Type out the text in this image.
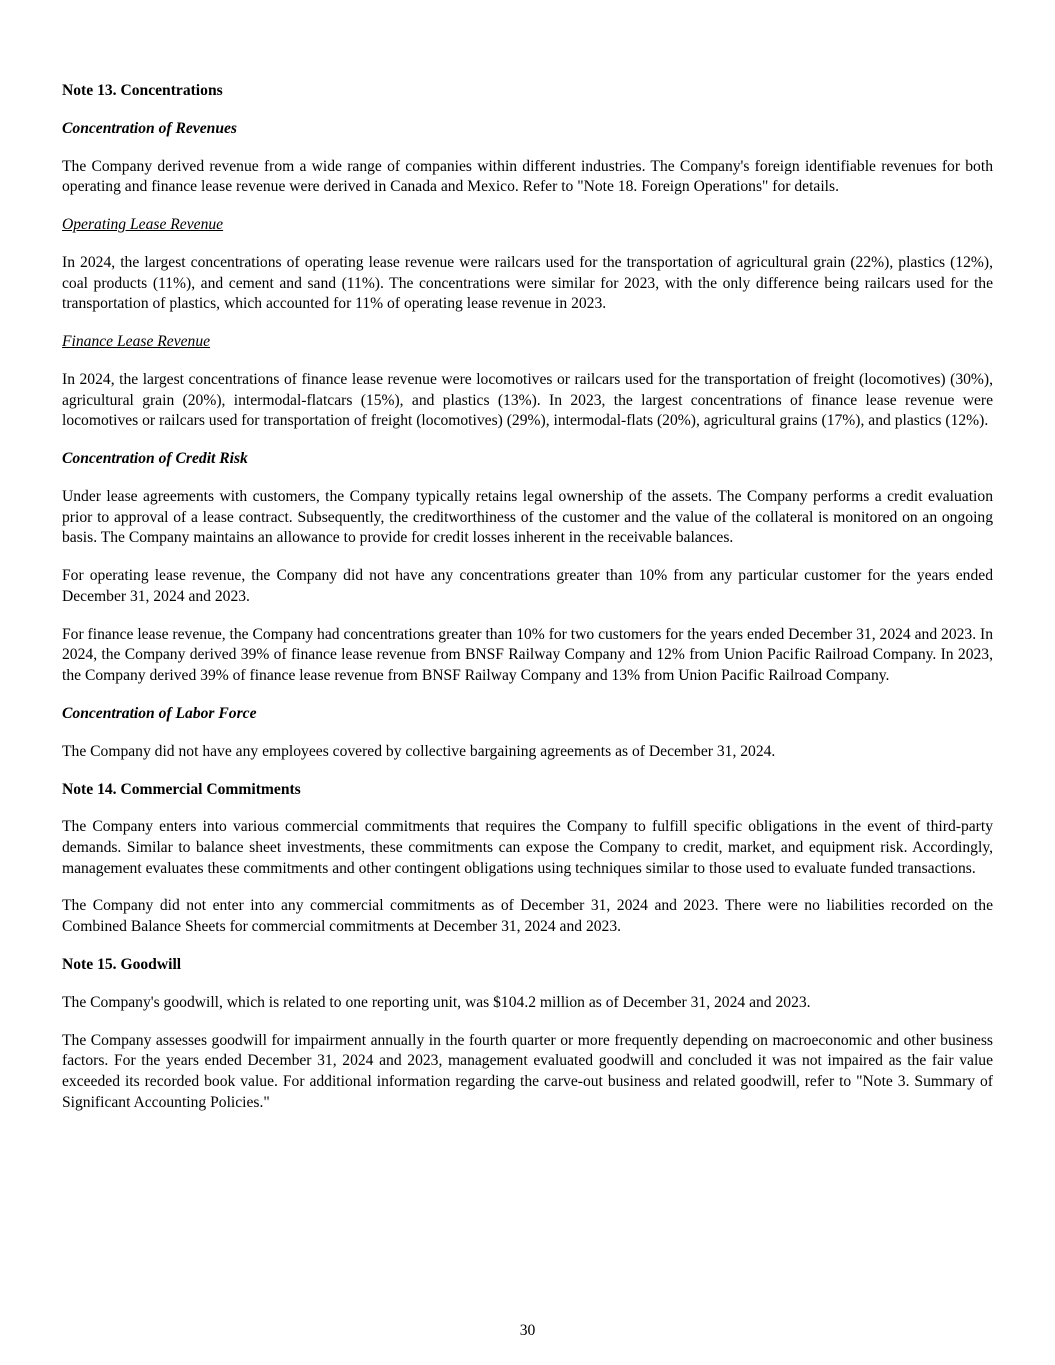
Note 13. Concentrations
Concentration of Revenues

The Company derived revenue from a wide range of companies within different industries. The Company's foreign identifiable revenues for both operating and finance lease revenue were derived in Canada and Mexico. Refer to "Note 18. Foreign Operations" for details.

Operating Lease Revenue

In 2024, the largest concentrations of operating lease revenue were railcars used for the transportation of agricultural grain (22%), plastics (12%), coal products (11%), and cement and sand (11%). The concentrations were similar for 2023, with the only difference being railcars used for the transportation of plastics, which accounted for 11% of operating lease revenue in 2023.

Finance Lease Revenue

In 2024, the largest concentrations of finance lease revenue were locomotives or railcars used for the transportation of freight (locomotives) (30%), agricultural grain (20%), intermodal-flatcars (15%), and plastics (13%). In 2023, the largest concentrations of finance lease revenue were locomotives or railcars used for transportation of freight (locomotives) (29%), intermodal-flats (20%), agricultural grains (17%), and plastics (12%).

Concentration of Credit Risk

Under lease agreements with customers, the Company typically retains legal ownership of the assets. The Company performs a credit evaluation prior to approval of a lease contract. Subsequently, the creditworthiness of the customer and the value of the collateral is monitored on an ongoing basis. The Company maintains an allowance to provide for credit losses inherent in the receivable balances.

For operating lease revenue, the Company did not have any concentrations greater than 10% from any particular customer for the years ended December 31, 2024 and 2023.

For finance lease revenue, the Company had concentrations greater than 10% for two customers for the years ended December 31, 2024 and 2023. In 2024, the Company derived 39% of finance lease revenue from BNSF Railway Company and 12% from Union Pacific Railroad Company. In 2023, the Company derived 39% of finance lease revenue from BNSF Railway Company and 13% from Union Pacific Railroad Company.

Concentration of Labor Force

The Company did not have any employees covered by collective bargaining agreements as of December 31, 2024.

Note 14. Commercial Commitments

The Company enters into various commercial commitments that requires the Company to fulfill specific obligations in the event of third-party demands. Similar to balance sheet investments, these commitments can expose the Company to credit, market, and equipment risk. Accordingly, management evaluates these commitments and other contingent obligations using techniques similar to those used to evaluate funded transactions.

The Company did not enter into any commercial commitments as of December 31, 2024 and 2023. There were no liabilities recorded on the Combined Balance Sheets for commercial commitments at December 31, 2024 and 2023.

Note 15. Goodwill

The Company's goodwill, which is related to one reporting unit, was $104.2 million as of December 31, 2024 and 2023.

The Company assesses goodwill for impairment annually in the fourth quarter or more frequently depending on macroeconomic and other business factors. For the years ended December 31, 2024 and 2023, management evaluated goodwill and concluded it was not impaired as the fair value exceeded its recorded book value. For additional information regarding the carve-out business and related goodwill, refer to "Note 3. Summary of Significant Accounting Policies."

30
